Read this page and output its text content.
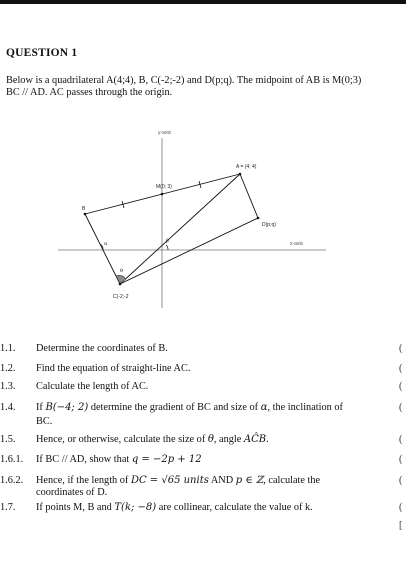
QUESTION 1
Below is a quadrilateral A(4;4), B, C(-2;-2) and D(p;q). The midpoint of AB is M(0;3)
BC // AD. AC passes through the origin.
y-axis
x-axis
A = (4; 4)
M(0; 3)
B
D(p;q)
C(-2;-2
θ
α	β
1.1. Determine the coordinates of B.
1.2. Find the equation of straight-line AC.
1.3. Calculate the length of AC.
1.4. If B(−4; 2) determine the gradient of BC and size of α, the inclination of
BC.
1.5. Hence, or otherwise, calculate the size of θ, angle AĈB.
1.6.1. If BC // AD, show that q = −2p + 12
1.6.2. Hence, if the length of DC = √65 units AND p ∈ ℤ, calculate the
coordinates of D.
1.7. If points M, B and T(k; −8) are collinear, calculate the value of k.
(
(
(
(
(
(
(
(
[
